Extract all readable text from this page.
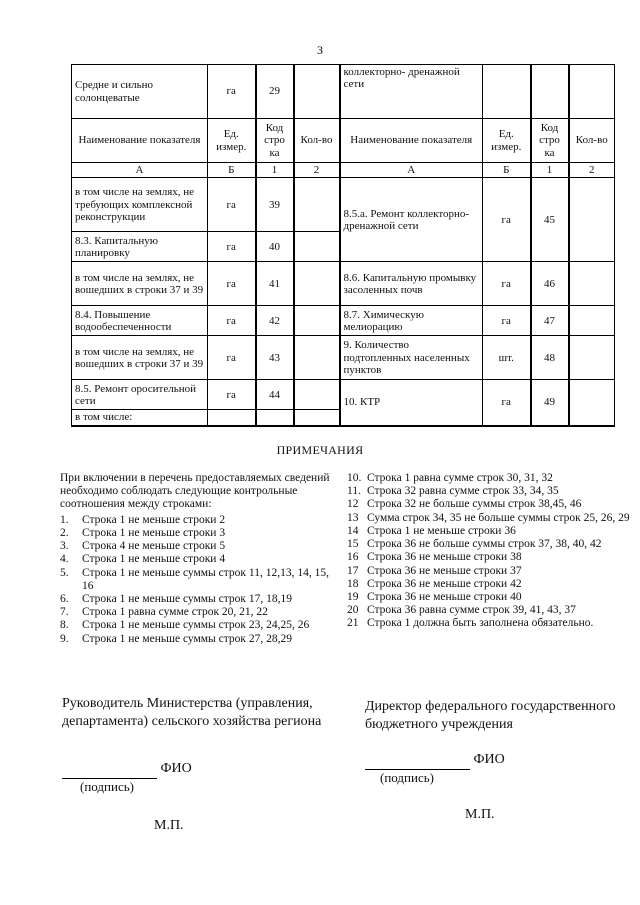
3
Средне и сильно солонцеватые	га	29		коллекторно- дренажной сети			
Наименование показателя	Ед. измер.	Код стро ка	Кол-во	Наименование показателя	Ед. измер.	Код стро ка	Кол-во
А	Б	1	2	А	Б	1	2
в том числе на землях, не требующих комплексной реконструкции	га	39		8.5.а. Ремонт коллекторно- дренажной сети	га	45	
8.3. Капитальную планировку	га	40					
в том числе на землях, не вошедших в строки 37 и 39	га	41		8.6. Капитальную промывку засоленных почв	га	46	
8.4. Повышение водообеспеченности	га	42		8.7. Химическую мелиорацию	га	47	
в том числе на землях, не вошедших в строки 37 и 39	га	43		9. Количество подтопленных населенных пунктов	шт.	48	
8.5. Ремонт оросительной сети	га	44		10. КТР	га	49	
в том числе:							
ПРИМЕЧАНИЯ
При включении в перечень предоставляемых сведений необходимо соблюдать следующие контрольные соотношения между строками:
1.	Строка 1 не меньше строки 2
2.	Строка 1 не меньше строки 3
3.	Строка 4 не меньше строки 5
4.	Строка 1 не меньше строки 4
5.	Строка 1 не меньше суммы строк 11, 12,13, 14, 15, 16
6.	Строка 1 не меньше суммы строк 17, 18,19
7.	Строка 1 равна сумме строк 20, 21, 22
8.	Строка 1 не меньше суммы строк 23, 24,25, 26
9.	Строка 1 не меньше суммы строк 27, 28,29
10. Строка 1 равна сумме строк 30, 31, 32
11. Строка 32 равна сумме строк 33, 34, 35
12 Строка 32 не больше суммы строк 38,45, 46
13 Сумма строк 34, 35 не больше суммы строк 25, 26, 29
14 Строка 1 не меньше строки 36
15 Строка 36 не больше суммы строк 37, 38, 40, 42
16 Строка 36 не меньше строки 38
17 Строка 36 не меньше строки 37
18 Строка 36 не меньше строки 42
19 Строка 36 не меньше строки 40
20 Строка 36 равна сумме строк 39, 41, 43, 37
21 Строка 1 должна быть заполнена обязательно.
Руководитель Министерства (управления, департамента) сельского хозяйства региона
ФИО
(подпись)
М.П.
Директор федерального государственного бюджетного учреждения
ФИО
(подпись)
М.П.
